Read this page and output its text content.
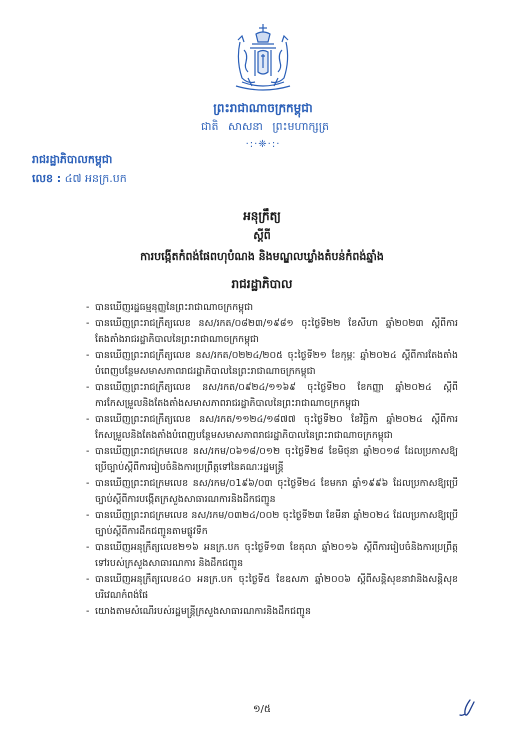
ព្រះរាជាណាចក្រកម្ពុជា
ជាតិ សាសនា ព្រះមហាក្សត្រ
·:·❈·:·
រាជរដ្ឋាភិបាលកម្ពុជា
លេខ : ៤៧ អនក្រ.បក
អនុក្រឹត្យ
ស្តីពី
ការបង្កើតកំពង់ផែពហុបំណង និងមណ្ឌលឃ្លាំងតំបន់កំពង់ឆ្នាំង
រាជរដ្ឋាភិបាល
- បានឃើញរដ្ឋធម្មនុញ្ញនៃព្រះរាជាណាចក្រកម្ពុជា
- បានឃើញព្រះរាជក្រឹត្យលេខ នស/រកត/០៨២៣/១៩៨១ ចុះថ្ងៃទី២២ ខែសីហា ឆ្នាំ២០២៣ ស្តីពីការតែងតាំងរាជរដ្ឋាភិបាលនៃព្រះរាជាណាចក្រកម្ពុជា
- បានឃើញព្រះរាជក្រឹត្យលេខ នស/រកត/០២២៤/២០៥ ចុះថ្ងៃទី២១ ខែកុម្ភៈ ឆ្នាំ២០២៤ ស្តីពីការតែងតាំងបំពេញបន្ថែមសមាសភាពរាជរដ្ឋាភិបាលនៃព្រះរាជាណាចក្រកម្ពុជា
- បានឃើញព្រះរាជក្រឹត្យលេខ នស/រកត/០៩២៤/១១៦៩ ចុះថ្ងៃទី២០ ខែកញ្ញា ឆ្នាំ២០២៤ ស្តីពីការកែសម្រួលនិងតែងតាំងសមាសភាពរាជរដ្ឋាភិបាលនៃព្រះរាជាណាចក្រកម្ពុជា
- បានឃើញព្រះរាជក្រឹត្យលេខ នស/រកត/១១២៤/១៨៧៧ ចុះថ្ងៃទី២០ ខែវិច្ឆិកា ឆ្នាំ២០២៤ ស្តីពីការ កែសម្រួលនិងតែងតាំងបំពេញបន្ថែមសមាសភាពរាជរដ្ឋាភិបាលនៃព្រះរាជាណាចក្រកម្ពុជា
- បានឃើញព្រះរាជក្រមលេខ នស/រកម/០៦១៨/០១២ ចុះថ្ងៃទី២៨ ខែមិថុនា ឆ្នាំ២០១៨ ដែលប្រកាសឱ្យប្រើច្បាប់ស្តីពីការរៀបចំនិងការប្រព្រឹត្តទៅនៃគណៈរដ្ឋមន្ត្រី
- បានឃើញព្រះរាជក្រមលេខ នស/រកម/០1៩៦/០៣ ចុះថ្ងៃទី២៤ ខែមករា ឆ្នាំ១៩៩៦ ដែលប្រកាសឱ្យប្រើច្បាប់ស្តីពីការបង្កើតក្រសួងសាធារណការនិងដឹកជញ្ជូន
- បានឃើញព្រះរាជក្រមលេខ នស/រកម/០៣២៤/០០២ ចុះថ្ងៃទី២៣ ខែមីនា ឆ្នាំ២០២៤ ដែលប្រកាសឱ្យប្រើច្បាប់ស្តីពីការដឹកជញ្ជូនតាមផ្លូវទឹក
- បានឃើញអនុក្រឹត្យលេខ២១៦ អនក្រ.បក ចុះថ្ងៃទី១៣ ខែតុលា ឆ្នាំ២០១៦ ស្តីពីការរៀបចំនិងការប្រព្រឹត្តទៅរបស់ក្រសួងសាធារណការ និងដឹកជញ្ជូន
- បានឃើញអនុក្រឹត្យលេខ៤០ អនក្រ.បក ចុះថ្ងៃទី៥ ខែឧសភា ឆ្នាំ២០០៦ ស្តីពីសន្តិសុខនាវានិងសន្តិសុខបរិវេណកំពង់ផែ
- យោងតាមសំណើរបស់រដ្ឋមន្ត្រីក្រសួងសាធារណការនិងដឹកជញ្ជូន
១/៥
